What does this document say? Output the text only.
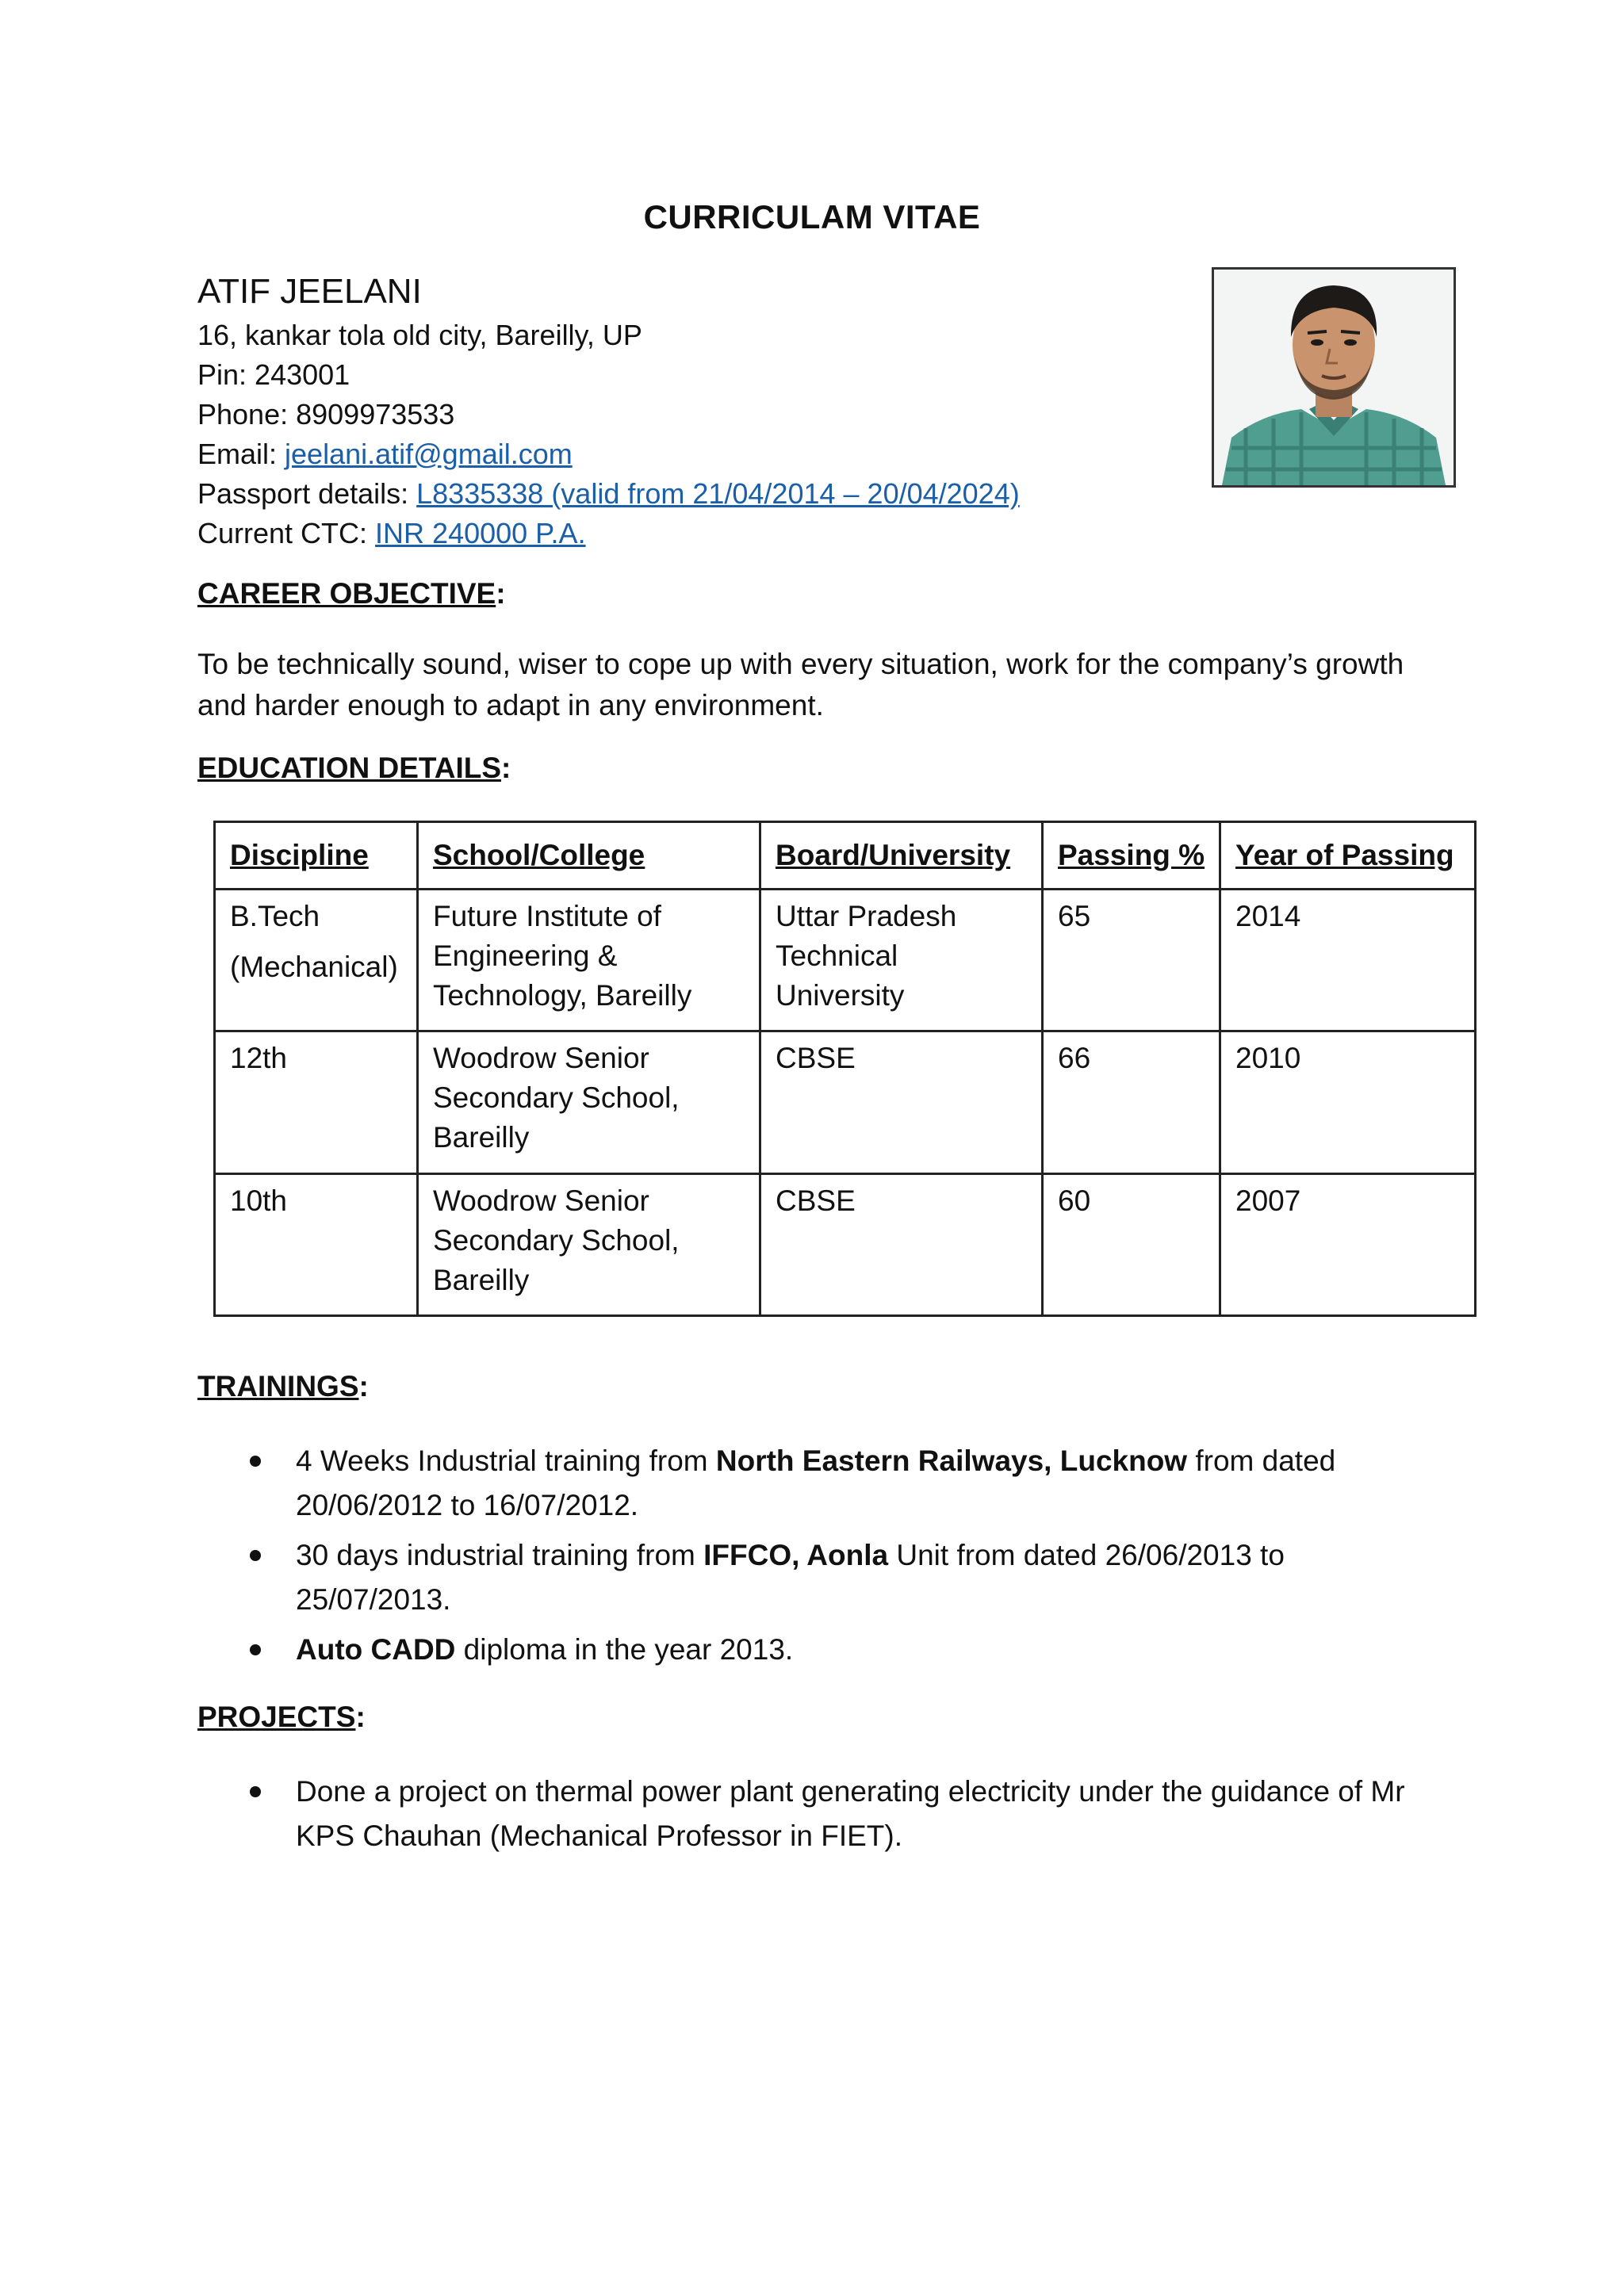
CURRICULAM VITAE
ATIF JEELANI
16, kankar tola old city, Bareilly, UP
Pin: 243001
Phone: 8909973533
Email: jeelani.atif@gmail.com
Passport details: L8335338 (valid from 21/04/2014 – 20/04/2024)
Current CTC: INR 240000 P.A.
CAREER OBJECTIVE:
To be technically sound, wiser to cope up with every situation, work for the company’s growth and harder enough to adapt in any environment.
EDUCATION DETAILS:
Discipline	School/College	Board/University	Passing %	Year of Passing
B.Tech
(Mechanical)	Future Institute of Engineering & Technology, Bareilly	Uttar Pradesh Technical University	65	2014
12th	Woodrow Senior Secondary School, Bareilly	CBSE	66	2010
10th	Woodrow Senior Secondary School, Bareilly	CBSE	60	2007
TRAININGS:
4 Weeks Industrial training from North Eastern Railways, Lucknow from dated 20/06/2012 to 16/07/2012.
30 days industrial training from IFFCO, Aonla Unit from dated 26/06/2013 to 25/07/2013.
Auto CADD diploma in the year 2013.
PROJECTS:
Done a project on thermal power plant generating electricity under the guidance of Mr KPS Chauhan (Mechanical Professor in FIET).
